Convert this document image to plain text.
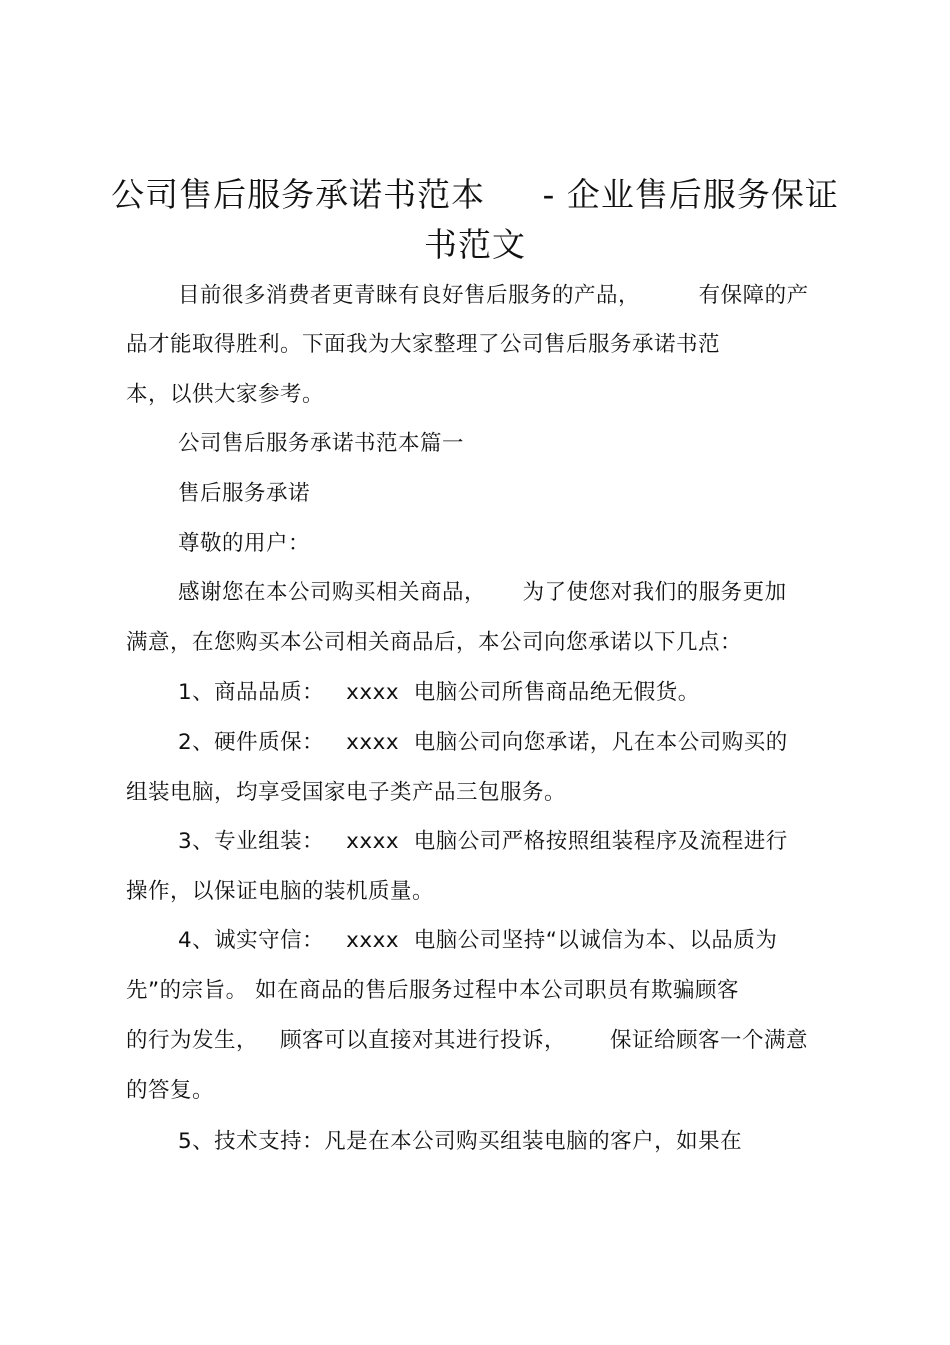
公司售后服务承诺书范本     - 企业售后服务保证
书范文
目前很多消费者更青睐有良好售后服务的产品，        有保障的产
品才能取得胜利。下面我为大家整理了公司售后服务承诺书范
本，以供大家参考。
公司售后服务承诺书范本篇一
售后服务承诺
尊敬的用户：
感谢您在本公司购买相关商品，     为了使您对我们的服务更加
满意，在您购买本公司相关商品后，本公司向您承诺以下几点：
1、商品品质：   xxxx  电脑公司所售商品绝无假货。
2、硬件质保：   xxxx  电脑公司向您承诺，凡在本公司购买的
组装电脑，均享受国家电子类产品三包服务。
3、专业组装：   xxxx  电脑公司严格按照组装程序及流程进行
操作，以保证电脑的装机质量。
4、诚实守信：   xxxx  电脑公司坚持“以诚信为本、以品质为
先”的宗旨。 如在商品的售后服务过程中本公司职员有欺骗顾客
的行为发生，   顾客可以直接对其进行投诉，      保证给顾客一个满意
的答复。
5、技术支持：凡是在本公司购买组装电脑的客户，如果在
